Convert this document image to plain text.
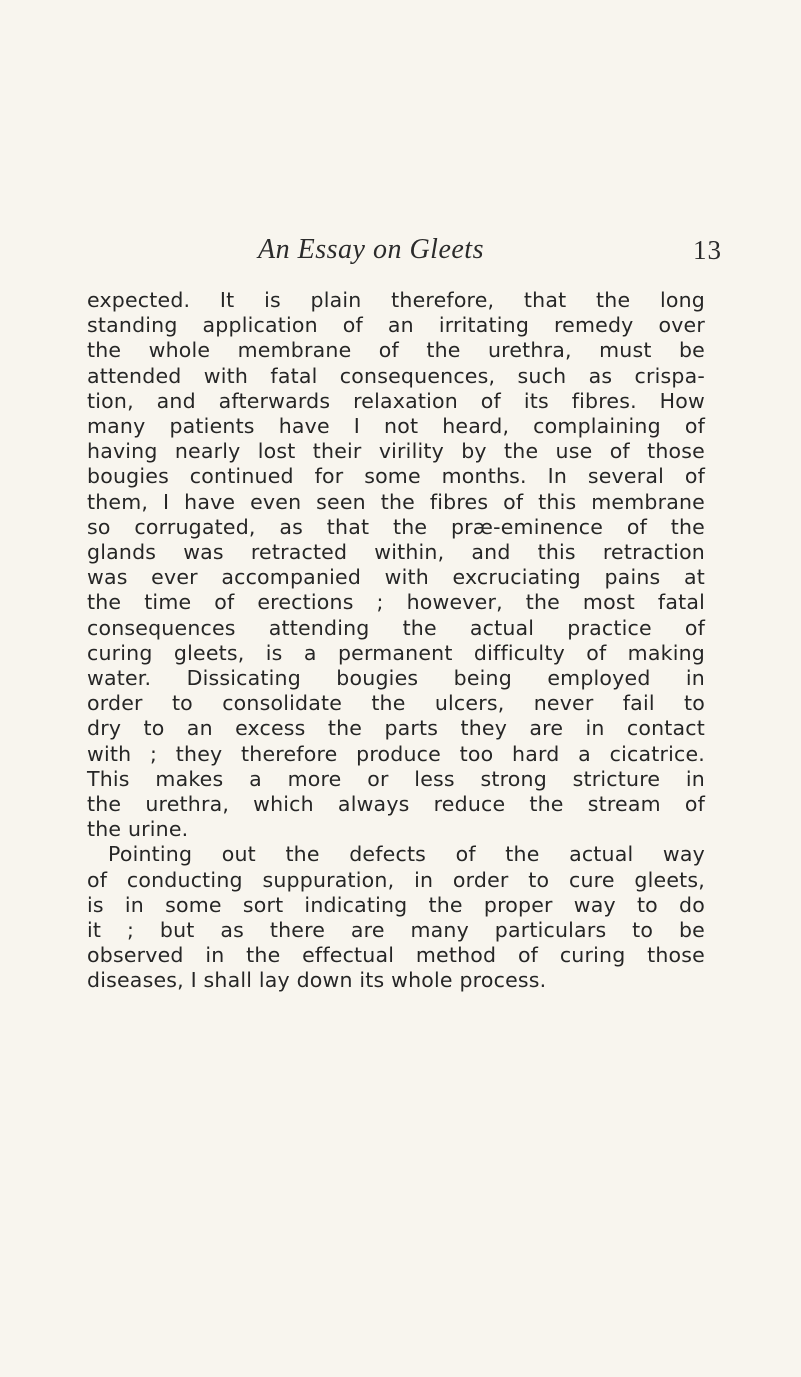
An Essay on Gleets	13

expected. It is plain therefore, that the long
standing application of an irritating remedy over
the whole membrane of the urethra, must be
attended with fatal consequences, such as crispa-
tion, and afterwards relaxation of its fibres. How
many patients have I not heard, complaining of
having nearly lost their virility by the use of those
bougies continued for some months. In several of
them, I have even seen the fibres of this membrane
so corrugated, as that the præ-eminence of the
glands was retracted within, and this retraction
was ever accompanied with excruciating pains at
the time of erections ; however, the most fatal
consequences attending the actual practice of
curing gleets, is a permanent difficulty of making
water. Dissicating bougies being employed in
order to consolidate the ulcers, never fail to
dry to an excess the parts they are in contact
with ; they therefore produce too hard a cicatrice.
This makes a more or less strong stricture in
the urethra, which always reduce the stream of
the urine.

Pointing out the defects of the actual way
of conducting suppuration, in order to cure gleets,
is in some sort indicating the proper way to do
it ; but as there are many particulars to be
observed in the effectual method of curing those
diseases, I shall lay down its whole process.
